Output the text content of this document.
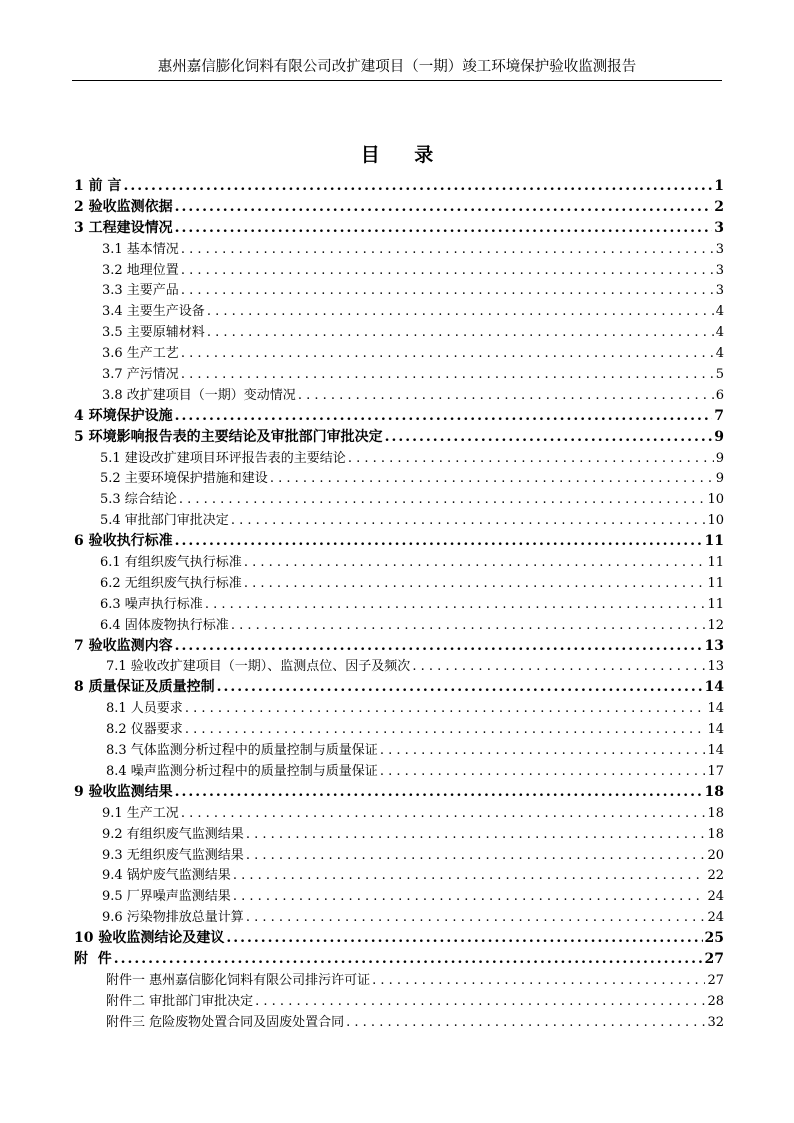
惠州嘉信膨化饲料有限公司改扩建项目（一期）竣工环境保护验收监测报告
目 录
1 前 言 .....	1
2 验收监测依据 .....	2
3 工程建设情况 .....	3
3.1 基本情况 . . .	3
3.2 地理位置 . . .	3
3.3 主要产品 . . .	3
3.4 主要生产设备 . . .	4
3.5 主要原辅材料 . . .	4
3.6 生产工艺 . . .	4
3.7 产污情况 . . .	5
3.8 改扩建项目（一期）变动情况 . . .	6
4 环境保护设施 .....	7
5 环境影响报告表的主要结论及审批部门审批决定 .....	9
5.1 建设改扩建项目环评报告表的主要结论 . . .	9
5.2 主要环境保护措施和建设 . . .	9
5.3 综合结论 . . .	10
5.4 审批部门审批决定 . . .	10
6 验收执行标准 .....	11
6.1 有组织废气执行标准 . . .	11
6.2 无组织废气执行标准 . . .	11
6.3 噪声执行标准 . . .	11
6.4 固体废物执行标准 . . .	12
7 验收监测内容 .....	13
7.1 验收改扩建项目（一期）、监测点位、因子及频次 . . .	13
8 质量保证及质量控制 .....	14
8.1 人员要求 . . .	14
8.2 仪器要求 . . .	14
8.3 气体监测分析过程中的质量控制与质量保证 . . .	14
8.4 噪声监测分析过程中的质量控制与质量保证 . . .	17
9 验收监测结果 .....	18
9.1 生产工况 . . .	18
9.2 有组织废气监测结果 . . .	18
9.3 无组织废气监测结果 . . .	20
9.4 锅炉废气监测结果 . . .	22
9.5 厂界噪声监测结果 . . .	24
9.6 污染物排放总量计算 . . .	24
10 验收监测结论及建议 .....	25
附  件 .....	27
附件一 惠州嘉信膨化饲料有限公司排污许可证 . . .	27
附件二 审批部门审批决定 . . .	28
附件三 危险废物处置合同及固废处置合同 . . .	32
